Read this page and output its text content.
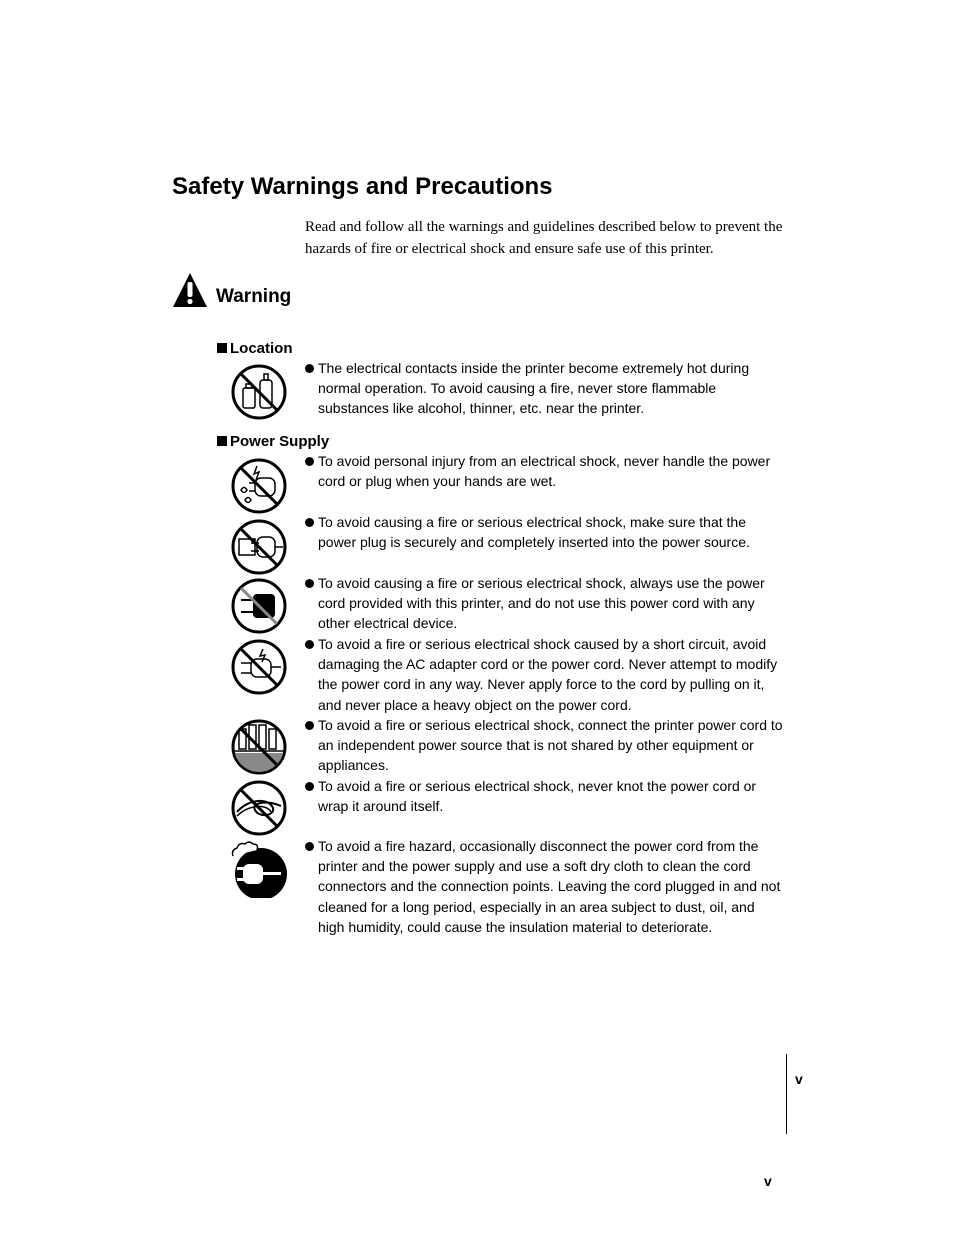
Safety Warnings and Precautions

Read and follow all the warnings and guidelines described below to prevent the hazards of fire or electrical shock and ensure safe use of this printer.

Warning
Location
The electrical contacts inside the printer become extremely hot during normal operation. To avoid causing a fire, never store flammable substances like alcohol, thinner, etc. near the printer.
Power Supply
To avoid personal injury from an electrical shock, never handle the power cord or plug when your hands are wet.
To avoid causing a fire or serious electrical shock, make sure that the power plug is securely and completely inserted into the power source.
To avoid causing a fire or serious electrical shock, always use the power cord provided with this printer, and do not use this power cord with any other electrical device.
To avoid a fire or serious electrical shock caused by a short circuit, avoid damaging the AC adapter cord or the power cord. Never attempt to modify the power cord in any way. Never apply force to the cord by pulling on it, and never place a heavy object on the power cord.
To avoid a fire or serious electrical shock, connect the printer power cord to an independent power source that is not shared by other equipment or appliances.
To avoid a fire or serious electrical shock, never knot the power cord or wrap it around itself.
To avoid a fire hazard, occasionally disconnect the power cord from the printer and the power supply and use a soft dry cloth to clean the cord connectors and the connection points. Leaving the cord plugged in and not cleaned for a long period, especially in an area subject to dust, oil, and high humidity, could cause the insulation material to deteriorate.
v
v
